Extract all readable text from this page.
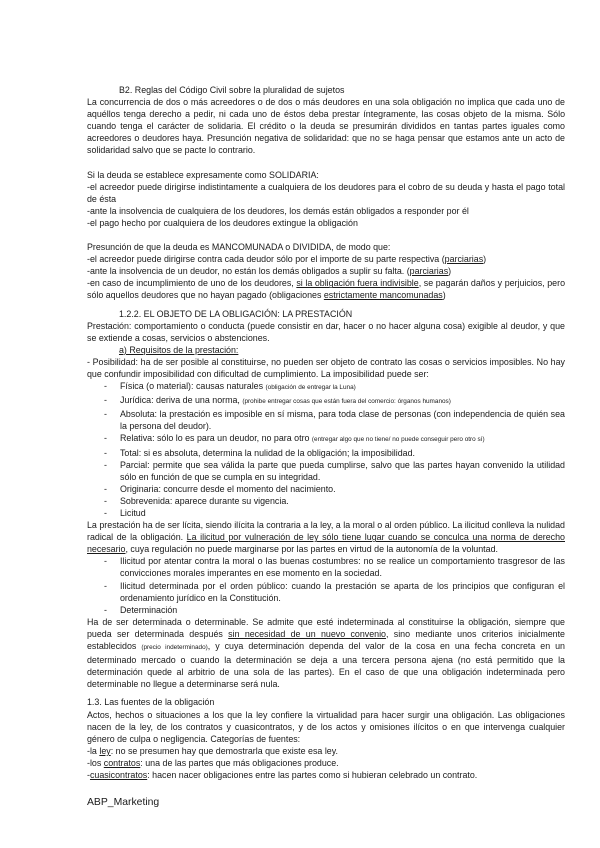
B2. Reglas del Código Civil sobre la pluralidad de sujetos

La concurrencia de dos o más acreedores o de dos o más deudores en una sola obligación no implica que cada uno de aquéllos tenga derecho a pedir, ni cada uno de éstos deba prestar íntegramente, las cosas objeto de la misma. Sólo cuando tenga el carácter de solidaria. El crédito o la deuda se presumirán divididos en tantas partes iguales como acreedores o deudores haya. Presunción negativa de solidaridad: que no se haga pensar que estamos ante un acto de solidaridad salvo que se pacte lo contrario.

Si la deuda se establece expresamente como SOLIDARIA:

-el acreedor puede dirigirse indistintamente a cualquiera de los deudores para el cobro de su deuda y hasta el pago total de ésta

-ante la insolvencia de cualquiera de los deudores, los demás están obligados a responder por él

-el pago hecho por cualquiera de los deudores extingue la obligación

Presunción de que la deuda es MANCOMUNADA o DIVIDIDA, de modo que:

-el acreedor puede dirigirse contra cada deudor sólo por el importe de su parte respectiva (parciarias)

-ante la insolvencia de un deudor, no están los demás obligados a suplir su falta. (parciarias)

-en caso de incumplimiento de uno de los deudores, si la obligación fuera indivisible, se pagarán daños y perjuicios, pero sólo aquellos deudores que no hayan pagado (obligaciones estrictamente mancomunadas)

1.2.2. EL OBJETO DE LA OBLIGACIÓN: LA PRESTACIÓN

Prestación: comportamiento o conducta (puede consistir en dar, hacer o no hacer alguna cosa) exigible al deudor, y que se extiende a cosas, servicios o abstenciones.

a) Requisitos de la prestación:

- Posibilidad: ha de ser posible al constituirse, no pueden ser objeto de contrato las cosas o servicios imposibles. No hay que confundir imposibilidad con dificultad de cumplimiento. La imposibilidad puede ser:

- Física (o material): causas naturales (obligación de entregar la Luna)
- Jurídica: deriva de una norma, (prohibe entregar cosas que están fuera del comercio: órganos humanos)
- Absoluta: la prestación es imposible en sí misma, para toda clase de personas (con independencia de quién sea la persona del deudor).
- Relativa: sólo lo es para un deudor, no para otro (entregar algo que no tiene/ no puede conseguir pero otro sí)
- Total: si es absoluta, determina la nulidad de la obligación; la imposibilidad.
- Parcial: permite que sea válida la parte que pueda cumplirse, salvo que las partes hayan convenido la utilidad sólo en función de que se cumpla en su integridad.
- Originaria: concurre desde el momento del nacimiento.
- Sobrevenida: aparece durante su vigencia.
- Licitud

La prestación ha de ser lícita, siendo ilícita la contraria a la ley, a la moral o al orden público. La ilicitud conlleva la nulidad radical de la obligación. La ilicitud por vulneración de ley sólo tiene lugar cuando se conculca una norma de derecho necesario, cuya regulación no puede marginarse por las partes en virtud de la autonomía de la voluntad.

- Ilicitud por atentar contra la moral o las buenas costumbres: no se realice un comportamiento trasgresor de las convicciones morales imperantes en ese momento en la sociedad.
- Ilicitud determinada por el orden público: cuando la prestación se aparta de los principios que configuran el ordenamiento jurídico en la Constitución.
- Determinación

Ha de ser determinada o determinable. Se admite que esté indeterminada al constituirse la obligación, siempre que pueda ser determinada después sin necesidad de un nuevo convenio, sino mediante unos criterios inicialmente establecidos (precio indeterminado), y cuya determinación dependa del valor de la cosa en una fecha concreta en un determinado mercado o cuando la determinación se deja a una tercera persona ajena (no está permitido que la determinación quede al arbitrio de una sola de las partes). En el caso de que una obligación indeterminada pero determinable no llegue a determinarse será nula.

1.3. Las fuentes de la obligación

Actos, hechos o situaciones a los que la ley confiere la virtualidad para hacer surgir una obligación. Las obligaciones nacen de la ley, de los contratos y cuasicontratos, y de los actos y omisiones ilícitos o en que intervenga cualquier género de culpa o negligencia. Categorías de fuentes:

-la ley: no se presumen hay que demostrarla que existe esa ley.

-los contratos: una de las partes que más obligaciones produce.

-cuasicontratos: hacen nacer obligaciones entre las partes como si hubieran celebrado un contrato.

ABP_Marketing
